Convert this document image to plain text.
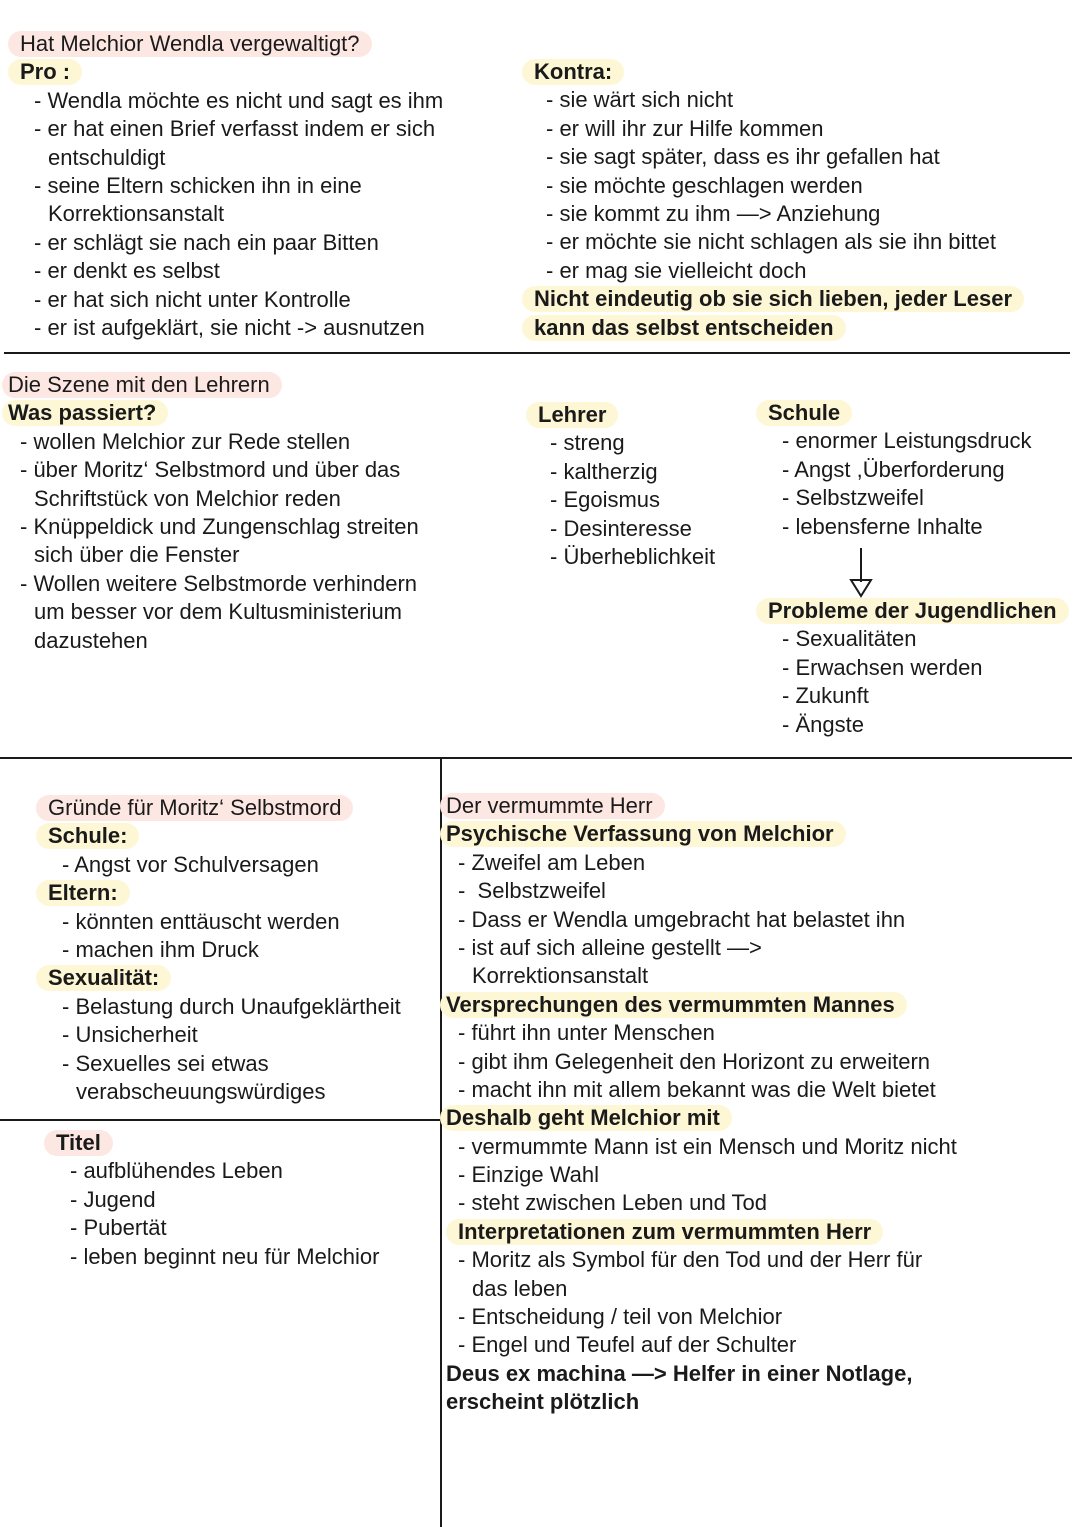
Hat Melchior Wendla vergewaltigt?
Pro :
- Wendla möchte es nicht und sagt es ihm
- er hat einen Brief verfasst indem er sich
entschuldigt
- seine Eltern schicken ihn in eine
Korrektionsanstalt
- er schlägt sie nach ein paar Bitten
- er denkt es selbst
- er hat sich nicht unter Kontrolle
- er ist aufgeklärt, sie nicht -> ausnutzen
Kontra:
- sie wärt sich nicht
- er will ihr zur Hilfe kommen
- sie sagt später, dass es ihr gefallen hat
- sie möchte geschlagen werden
- sie kommt zu ihm —> Anziehung
- er möchte sie nicht schlagen als sie ihn bittet
- er mag sie vielleicht doch
Nicht eindeutig ob sie sich lieben, jeder Leser
kann das selbst entscheiden
Die Szene mit den Lehrern
Was passiert?
- wollen Melchior zur Rede stellen
- über Moritz‘ Selbstmord und über das
Schriftstück von Melchior reden
- Knüppeldick und Zungenschlag streiten
sich über die Fenster
- Wollen weitere Selbstmorde verhindern
um besser vor dem Kultusministerium
dazustehen
Lehrer
- streng
- kaltherzig
- Egoismus
- Desinteresse
- Überheblichkeit
Schule
- enormer Leistungsdruck
- Angst ,Überforderung
- Selbstzweifel
- lebensferne Inhalte
Probleme der Jugendlichen
- Sexualitäten
- Erwachsen werden
- Zukunft
- Ängste
Gründe für Moritz‘ Selbstmord
Schule:
- Angst vor Schulversagen
Eltern:
- könnten enttäuscht werden
- machen ihm Druck
Sexualität:
- Belastung durch Unaufgeklärtheit
- Unsicherheit
- Sexuelles sei etwas
verabscheuungswürdiges
Titel
- aufblühendes Leben
- Jugend
- Pubertät
- leben beginnt neu für Melchior
Der vermummte Herr
Psychische Verfassung von Melchior
- Zweifel am Leben
-  Selbstzweifel
- Dass er Wendla umgebracht hat belastet ihn
- ist auf sich alleine gestellt —>
Korrektionsanstalt
Versprechungen des vermummten Mannes
- führt ihn unter Menschen
- gibt ihm Gelegenheit den Horizont zu erweitern
- macht ihn mit allem bekannt was die Welt bietet
Deshalb geht Melchior mit
- vermummte Mann ist ein Mensch und Moritz nicht
- Einzige Wahl
- steht zwischen Leben und Tod
Interpretationen zum vermummten Herr
- Moritz als Symbol für den Tod und der Herr für
das leben
- Entscheidung / teil von Melchior
- Engel und Teufel auf der Schulter
Deus ex machina —> Helfer in einer Notlage,
erscheint plötzlich
